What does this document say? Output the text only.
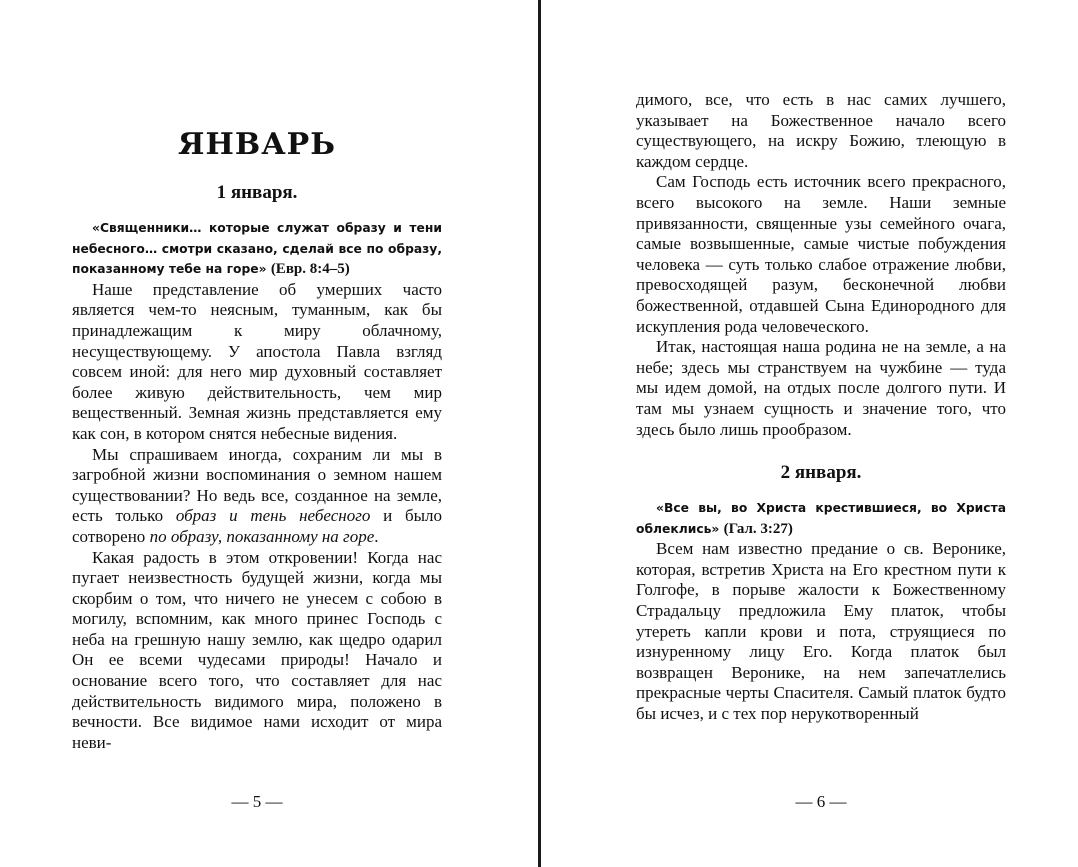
ЯНВАРЬ
1 января.

«Священники… которые служат образу и тени небесного… смотри сказано, сделай все по образу, показанному тебе на горе» (Евр. 8:4–5)

Наше представление об умерших часто является чем-то неясным, туманным, как бы принадлежащим к миру облачному, несуществующему. У апостола Павла взгляд совсем иной: для него мир духовный составляет более живую действительность, чем мир вещественный. Земная жизнь представляется ему как сон, в котором снятся небесные видения.

Мы спрашиваем иногда, сохраним ли мы в загробной жизни воспоминания о земном нашем существовании? Но ведь все, созданное на земле, есть только образ и тень небесного и было сотворено по образу, показанному на горе.

Какая радость в этом откровении! Когда нас пугает неизвестность будущей жизни, когда мы скорбим о том, что ничего не унесем с собою в могилу, вспомним, как много принес Господь с неба на грешную нашу землю, как щедро одарил Он ее всеми чудесами природы! Начало и основание всего того, что составляет для нас действительность видимого мира, положено в вечности. Все видимое нами исходит от мира неви-

— 5 —

димого, все, что есть в нас самих лучшего, указывает на Божественное начало всего существующего, на искру Божию, тлеющую в каждом сердце.

Сам Господь есть источник всего прекрасного, всего высокого на земле. Наши земные привязанности, священные узы семейного очага, самые возвышенные, самые чистые побуждения человека — суть только слабое отражение любви, превосходящей разум, бесконечной любви божественной, отдавшей Сына Единородного для искупления рода человеческого.

Итак, настоящая наша родина не на земле, а на небе; здесь мы странствуем на чужбине — туда мы идем домой, на отдых после долгого пути. И там мы узнаем сущность и значение того, что здесь было лишь прообразом.

2 января.

«Все вы, во Христа крестившиеся, во Христа облеклись» (Гал. 3:27)

Всем нам известно предание о св. Веронике, которая, встретив Христа на Его крестном пути к Голгофе, в порыве жалости к Божественному Страдальцу предложила Ему платок, чтобы утереть капли крови и пота, струящиеся по изнуренному лицу Его. Когда платок был возвращен Веронике, на нем запечатлелись прекрасные черты Спасителя. Самый платок будто бы исчез, и с тех пор нерукотворенный

— 6 —
